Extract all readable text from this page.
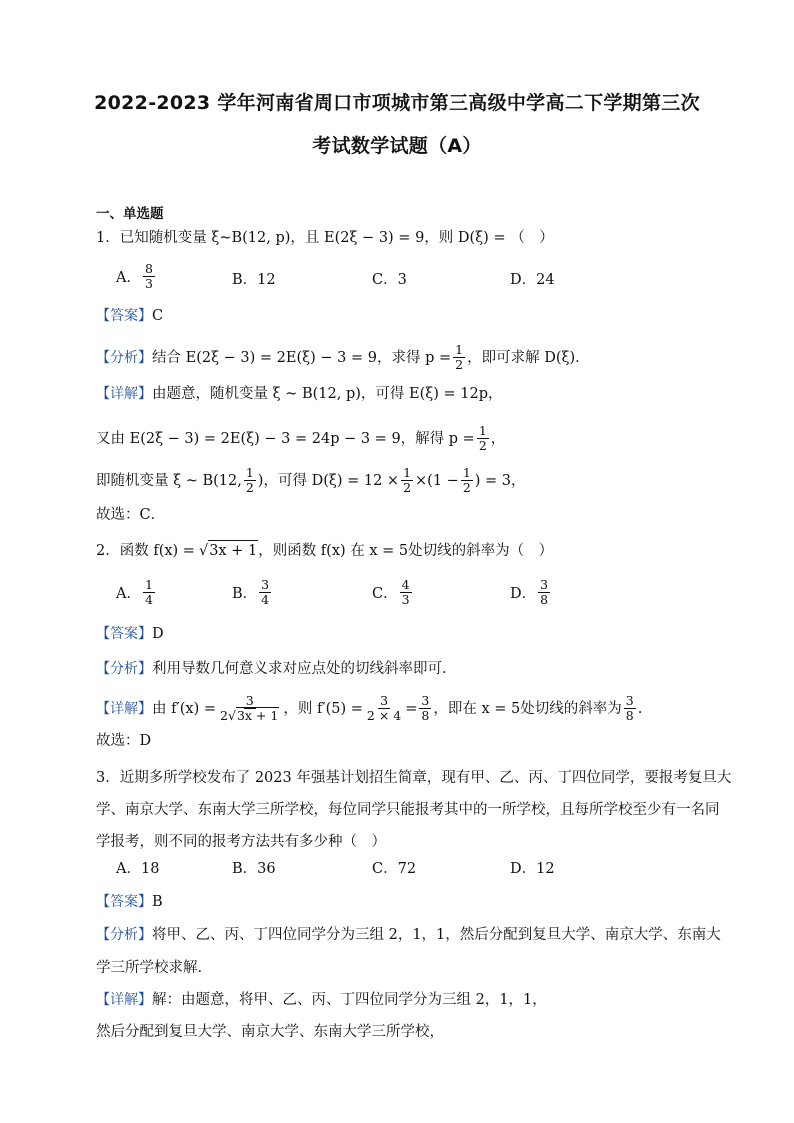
2022-2023 学年河南省周口市项城市第三高级中学高二下学期第三次
考试数学试题（A）
一、单选题
1．已知随机变量 ξ~B(12, p)，且 E(2ξ − 3) = 9，则 D(ξ) = （　）
A． $\frac{8}{3}$	B．12	C．3	D．24
【答案】C
【分析】 结合 E(2ξ − 3) = 2E(ξ) − 3 = 9，求得 $p = \frac{1}{2}$ ，即可求解 D(ξ)．
【详解】由题意，随机变量 ξ ~ B(12, p)，可得 E(ξ) = 12p，
又由 E(2ξ − 3) = 2E(ξ) − 3 = 24p − 3 = 9，解得 $p = \frac{1}{2}$ ，
即随机变量 ξ ~ B(12, $\frac{1}{2}$ )，可得 $D(\xi) = 12 \times \frac{1}{2} \times(1 - \frac{1}{2}$ ) = 3，
故选：C．
2．函数 f(x) = √ 3x + 1 ，则函数 f(x) 在 x = 5处切线的斜率为（　）
A． $\frac{1}{4}$	B． $\frac{3}{4}$	C． $\frac{4}{3}$	D． $\frac{3}{8}$
【答案】D
【分析】利用导数几何意义求对应点处的切线斜率即可.
【详解】 由 $f'(x) = \frac{3}{2√3x + 1}$ ，则 $f'(5) = \frac{3}{2 \times 4} = \frac{3}{8}$ ，即在 x = 5处切线的斜率为 $\frac{3}{8}$ .
故选：D
3．近期多所学校发布了 2023 年强基计划招生简章，现有甲、乙、丙、丁四位同学，要报考复旦大
学、南京大学、东南大学三所学校，每位同学只能报考其中的一所学校，且每所学校至少有一名同
学报考，则不同的报考方法共有多少种（　）
A．18	B．36	C．72	D．12
【答案】B
【分析】将甲、乙、丙、丁四位同学分为三组 2，1，1，然后分配到复旦大学、南京大学、东南大
学三所学校求解.
【详解】解：由题意，将甲、乙、丙、丁四位同学分为三组 2，1，1，
然后分配到复旦大学、南京大学、东南大学三所学校，
